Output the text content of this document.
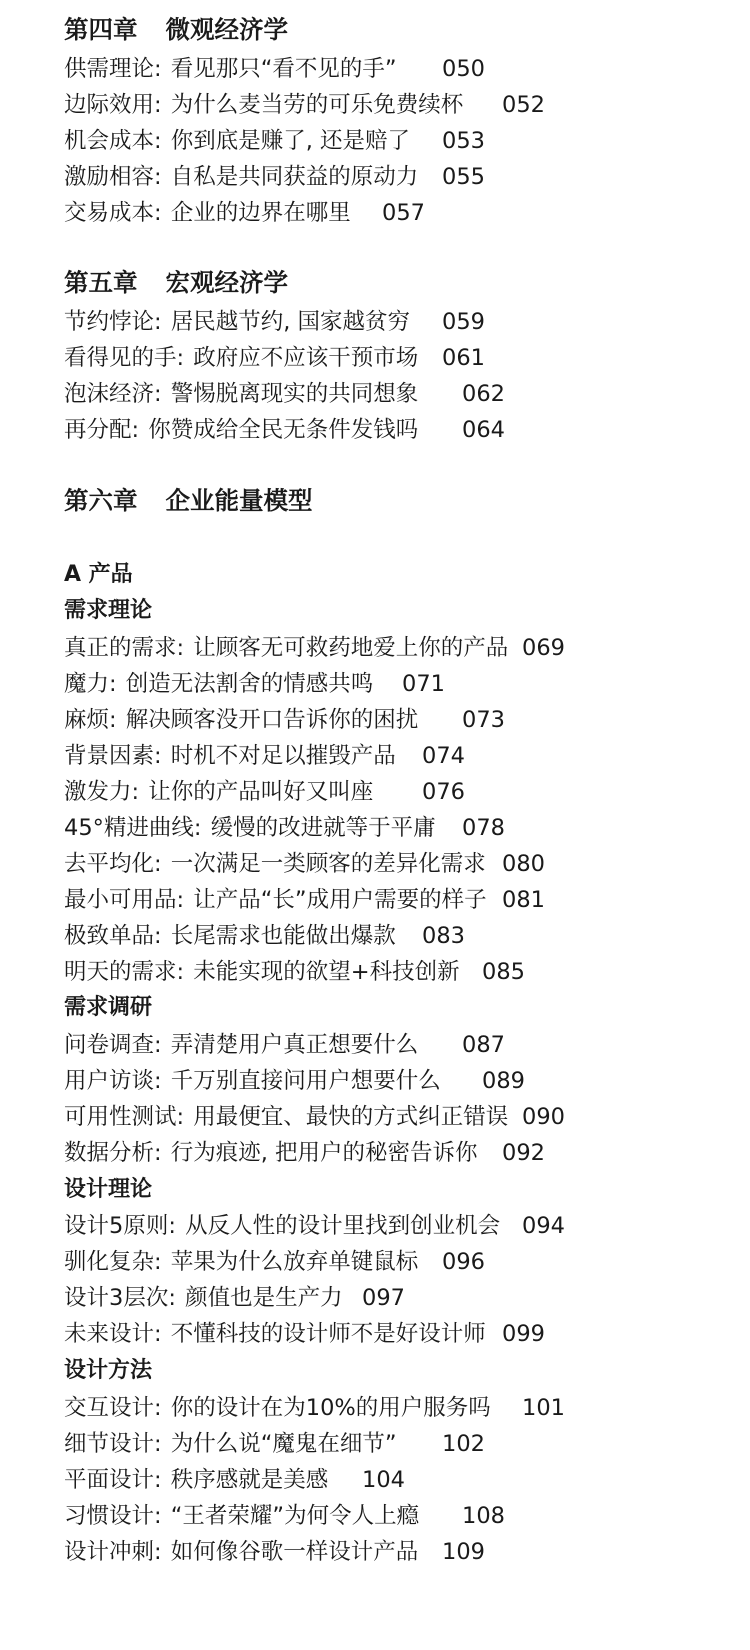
第四章 微观经济学
供需理论: 看见那只“看不见的手” 050
边际效用: 为什么麦当劳的可乐免费续杯 052
机会成本: 你到底是赚了, 还是赔了 053
激励相容: 自私是共同获益的原动力 055
交易成本: 企业的边界在哪里 057
第五章 宏观经济学
节约悖论: 居民越节约, 国家越贫穷 059
看得见的手: 政府应不应该干预市场 061
泡沫经济: 警惕脱离现实的共同想象 062
再分配: 你赞成给全民无条件发钱吗 064
第六章 企业能量模型
A 产品
需求理论
真正的需求: 让顾客无可救药地爱上你的产品 069
魔力: 创造无法割舍的情感共鸣 071
麻烦: 解决顾客没开口告诉你的困扰 073
背景因素: 时机不对足以摧毁产品 074
激发力: 让你的产品叫好又叫座 076
45°精进曲线: 缓慢的改进就等于平庸 078
去平均化: 一次满足一类顾客的差异化需求 080
最小可用品: 让产品“长”成用户需要的样子 081
极致单品: 长尾需求也能做出爆款 083
明天的需求: 未能实现的欲望+科技创新 085
需求调研
问卷调查: 弄清楚用户真正想要什么 087
用户访谈: 千万别直接问用户想要什么 089
可用性测试: 用最便宜、最快的方式纠正错误 090
数据分析: 行为痕迹, 把用户的秘密告诉你 092
设计理论
设计5原则: 从反人性的设计里找到创业机会 094
驯化复杂: 苹果为什么放弃单键鼠标 096
设计3层次: 颜值也是生产力 097
未来设计: 不懂科技的设计师不是好设计师 099
设计方法
交互设计: 你的设计在为10%的用户服务吗 101
细节设计: 为什么说“魔鬼在细节” 102
平面设计: 秩序感就是美感 104
习惯设计: “王者荣耀”为何令人上瘾 108
设计冲刺: 如何像谷歌一样设计产品 109
